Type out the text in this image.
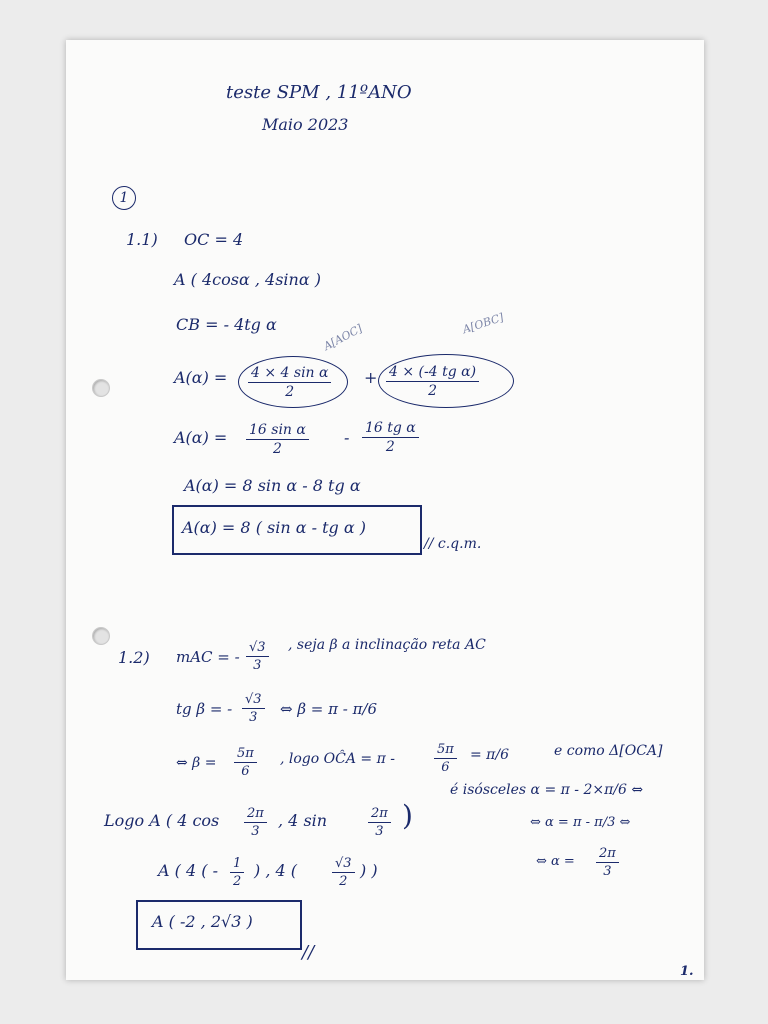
teste SPM , 11ºANO
Maio 2023
1
1.1) OC = 4
A ( 4cosα , 4sinα )
CB = - 4tg α	A[AOC]	A[OBC]
$A(\alpha) = \frac{\text{4 × 4 sin α}}{2} + \frac{\text{4 × (-4 tg α)}}{2}$
$A(\alpha) = \frac{\text{16 sin α}}{2} - \frac{\text{16 tg α}}{2}$
A(α) = 8 sin α - 8 tg α
A(α) = 8 ( sin α - tg α )
// c.q.m.
1.2) mAC = - $\frac{√3}{3}$ , seja β a inclinação reta AC
tg β = - $\frac{√3}{3}$ ⇔ β = π - π/6
⇔ $\beta = \frac{5\pi}{6}$ , logo OĈA = π -	$\frac{5\pi}{6} = \pi/6$	e como Δ[OCA]
é isósceles α = π - 2×π/6 ⇔
⇔ α = π - π/3 ⇔
⇔ $\alpha = \frac{2\pi}{3}$
Logo A ( 4 $\cos \frac{2\pi}{3}$ , 4 sin	$\frac{2\pi}{3}$ )
A ( 4 ( - $\frac{1}{2}$ ) , 4 (	$\frac{√3}{2}$ ) )
A ( -2 , 2√3 )
//
1.
